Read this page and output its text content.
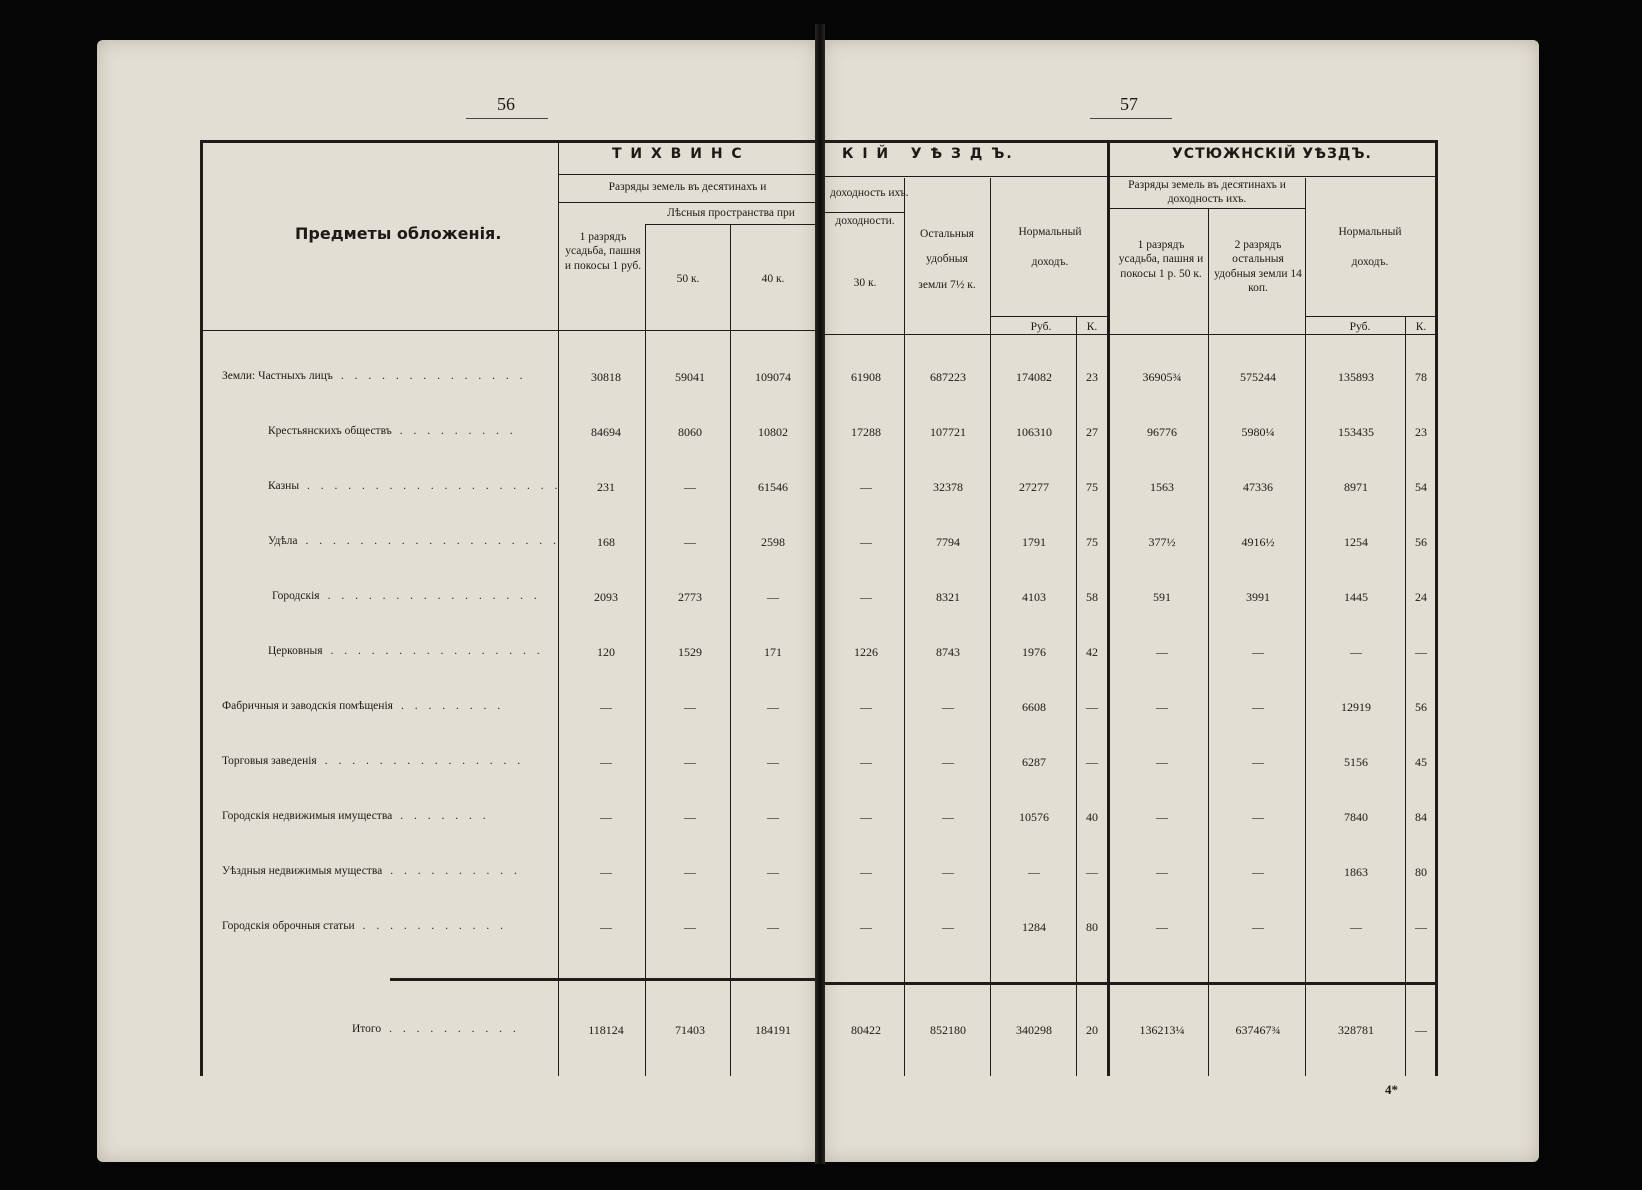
56	57
Предметы обложенія.
Т И Х В И Н С	К І Й   У Ѣ З Д Ъ.	УСТЮЖНСКІЙ УѢЗДЪ.
Разряды земель въ десятинахъ и
Лѣсныя пространства при
1 разрядъ усадьба, пашня и покосы 1 руб.
50 к.	40 к.
доходность ихъ.
доходности.
30 к.
Остальныя удобныя земли 7½ к.
Нормальный доходъ.
Руб.	К.
Разряды земель въ десятинахъ и доходность ихъ.
1 разрядъ усадьба, пашня и покосы 1 р. 50 к.
2 разрядъ остальныя удобныя земли 14 коп.
Нормальный доходъ.
Руб.	К.
Земли: Частныхъ лицъ . . . . . . . . . . . . . .	30818	59041	109074	61908	687223	174082	23	36905¾	575244	135893	78
Крестьянскихъ обществъ . . . . . . . . .	84694	8060	10802	17288	107721	106310	27	96776	5980¼	153435	23
Казны . . . . . . . . . . . . . . . . . . .	231	—	61546	—	32378	27277	75	1563	47336	8971	54
Удѣла . . . . . . . . . . . . . . . . . . .	168	—	2598	—	7794	1791	75	377½	4916½	1254	56
Городскія . . . . . . . . . . . . . . . .	2093	2773	—	—	8321	4103	58	591	3991	1445	24
Церковныя . . . . . . . . . . . . . . . .	120	1529	171	1226	8743	1976	42	—	—	—	—
Фабричныя и заводскія помѣщенія . . . . . . . .	—	—	—	—	—	6608	—	—	—	12919	56
Торговыя заведенія . . . . . . . . . . . . . . .	—	—	—	—	—	6287	—	—	—	5156	45
Городскія недвижимыя имущества . . . . . . .	—	—	—	—	—	10576	40	—	—	7840	84
Уѣздныя недвижимыя мущества . . . . . . . . . .	—	—	—	—	—	—	—	—	—	1863	80
Городскія оброчныя статьи . . . . . . . . . . .	—	—	—	—	—	1284	80	—	—	—	—
Итого . . . . . . . . . .	118124	71403	184191	80422	852180	340298	20	136213¼	637467¾	328781	—
4*
